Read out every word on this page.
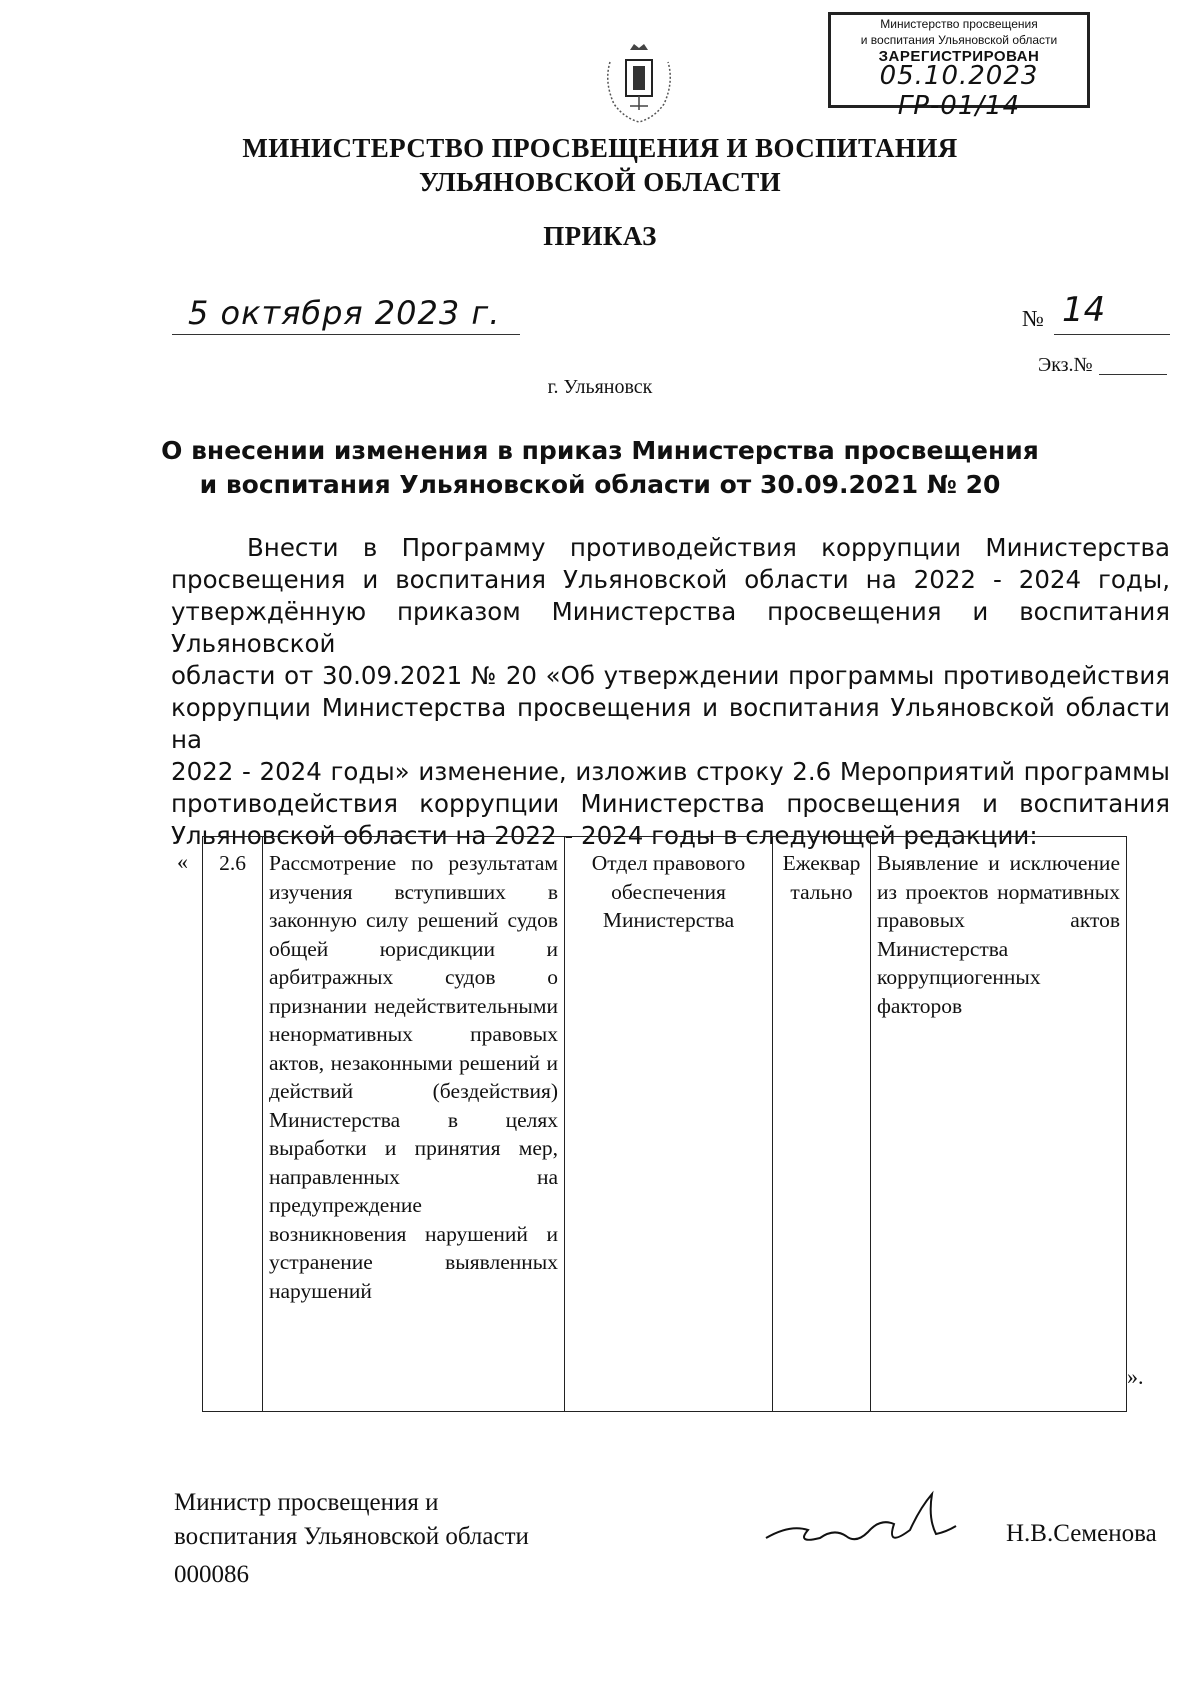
Министерство просвещения
и воспитания Ульяновской области
ЗАРЕГИСТРИРОВАН
05.10.2023 ГР-01/14
МИНИСТЕРСТВО ПРОСВЕЩЕНИЯ И ВОСПИТАНИЯ
УЛЬЯНОВСКОЙ ОБЛАСТИ
ПРИКАЗ
5 октября 2023 г.	№ 14
Экз.№
г. Ульяновск
О внесении изменения в приказ Министерства просвещения
и воспитания Ульяновской области от 30.09.2021 № 20
Внести в Программу противодействия коррупции Министерства
просвещения и воспитания Ульяновской области на 2022 - 2024 годы,
утверждённую приказом Министерства просвещения и воспитания Ульяновской
области от 30.09.2021 № 20 «Об утверждении программы противодействия
коррупции Министерства просвещения и воспитания Ульяновской области на
2022 - 2024 годы» изменение, изложив строку 2.6 Мероприятий программы
противодействия коррупции Министерства просвещения и воспитания
Ульяновской области на 2022 - 2024 годы в следующей редакции:
« 2.6	Рассмотрение по результатам изучения вступивших в законную силу решений судов общей юрисдикции и арбитражных судов о признании недействительными ненормативных правовых актов, незаконными решений и действий (бездействия) Министерства в целях выработки и принятия мер, направленных на предупреждение возникновения нарушений и устранение выявленных нарушений	Отдел правового обеспечения Министерства	Ежеквартально	Выявление и исключение из проектов нормативных правовых актов Министерства коррупциогенных факторов
».
Министр просвещения и
воспитания Ульяновской области	Н.В.Семенова
000086
